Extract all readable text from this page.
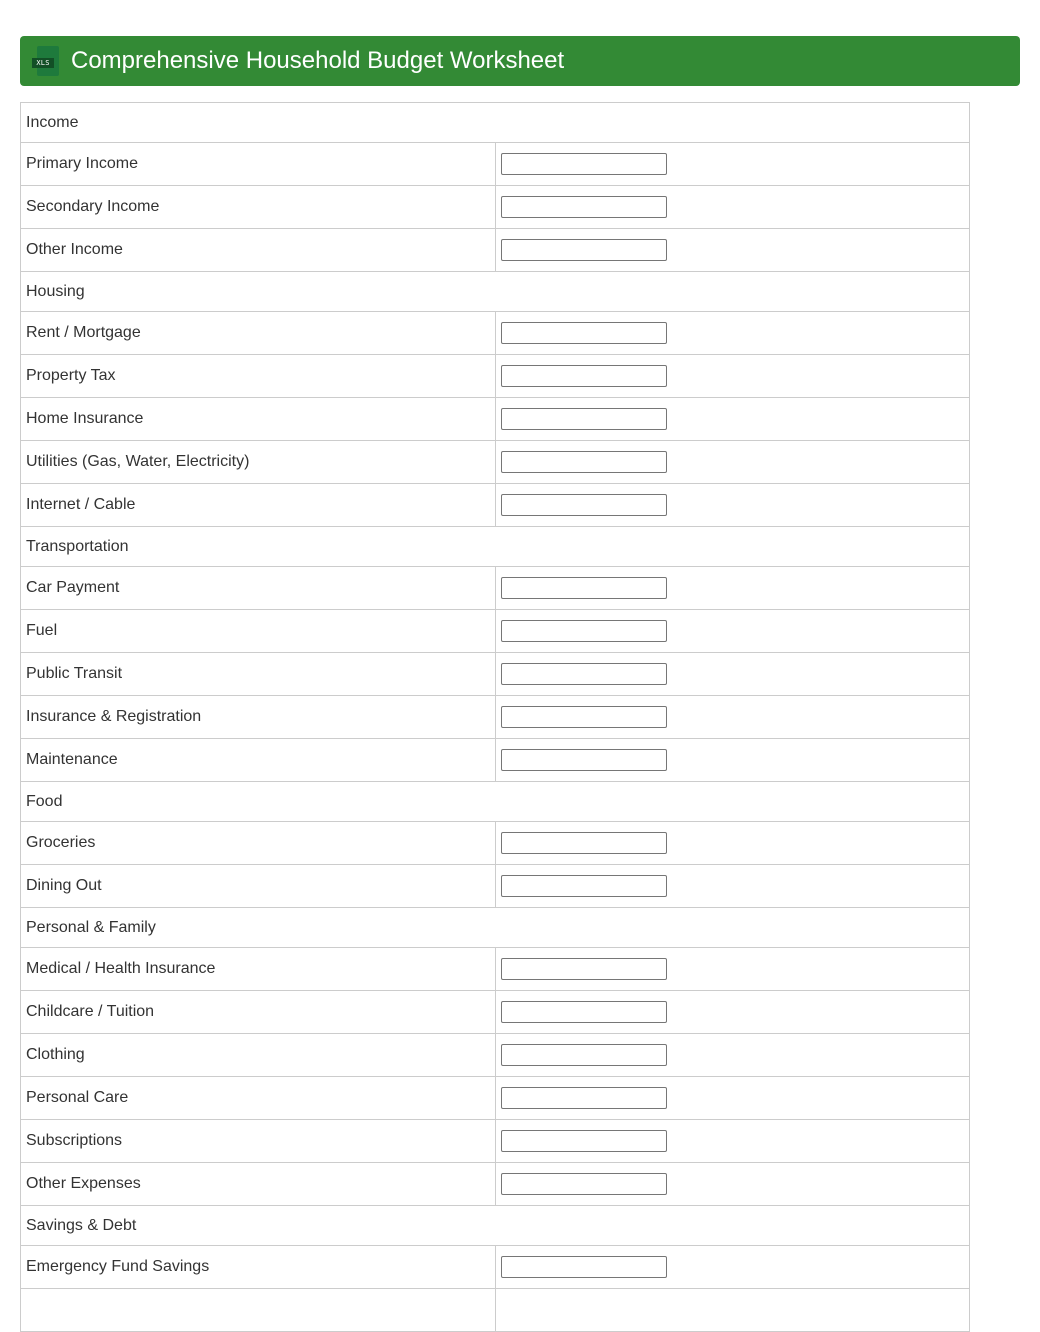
XLS Comprehensive Household Budget Worksheet
Income	
Primary Income	

Secondary Income	

Other Income	

Housing	
Rent / Mortgage	

Property Tax	

Home Insurance	

Utilities (Gas, Water, Electricity)	

Internet / Cable	

Transportation	
Car Payment	

Fuel	

Public Transit	

Insurance & Registration	

Maintenance	

Food	
Groceries	

Dining Out	

Personal & Family	
Medical / Health Insurance	

Childcare / Tuition	

Clothing	

Personal Care	

Subscriptions	

Other Expenses	

Savings & Debt	
Emergency Fund Savings	
